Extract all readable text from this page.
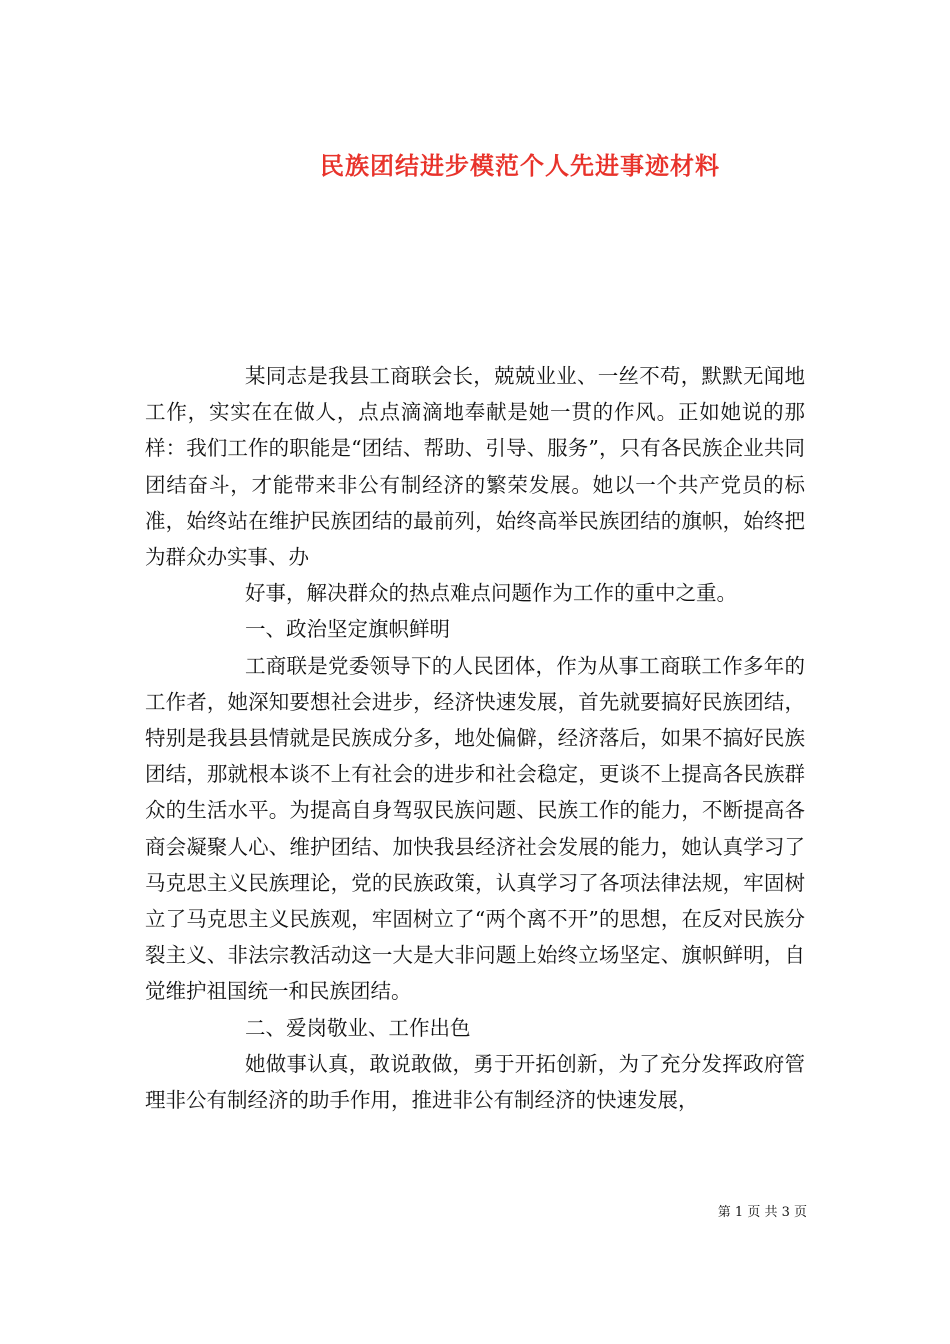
民族团结进步模范个人先进事迹材料

某同志是我县工商联会长，兢兢业业、一丝不苟，默默无闻地工作，实实在在做人，点点滴滴地奉献是她一贯的作风。正如她说的那样：我们工作的职能是“团结、帮助、引导、服务”，只有各民族企业共同团结奋斗，才能带来非公有制经济的繁荣发展。她以一个共产党员的标准，始终站在维护民族团结的最前列，始终高举民族团结的旗帜，始终把为群众办实事、办

好事，解决群众的热点难点问题作为工作的重中之重。

一、政治坚定旗帜鲜明

工商联是党委领导下的人民团体，作为从事工商联工作多年的工作者，她深知要想社会进步，经济快速发展，首先就要搞好民族团结，特别是我县县情就是民族成分多，地处偏僻，经济落后，如果不搞好民族团结，那就根本谈不上有社会的进步和社会稳定，更谈不上提高各民族群众的生活水平。为提高自身驾驭民族问题、民族工作的能力，不断提高各商会凝聚人心、维护团结、加快我县经济社会发展的能力，她认真学习了马克思主义民族理论，党的民族政策，认真学习了各项法律法规，牢固树立了马克思主义民族观，牢固树立了“两个离不开”的思想，在反对民族分裂主义、非法宗教活动这一大是大非问题上始终立场坚定、旗帜鲜明，自觉维护祖国统一和民族团结。

二、爱岗敬业、工作出色

她做事认真，敢说敢做，勇于开拓创新，为了充分发挥政府管理非公有制经济的助手作用，推进非公有制经济的快速发展，

第 1 页 共 3 页
